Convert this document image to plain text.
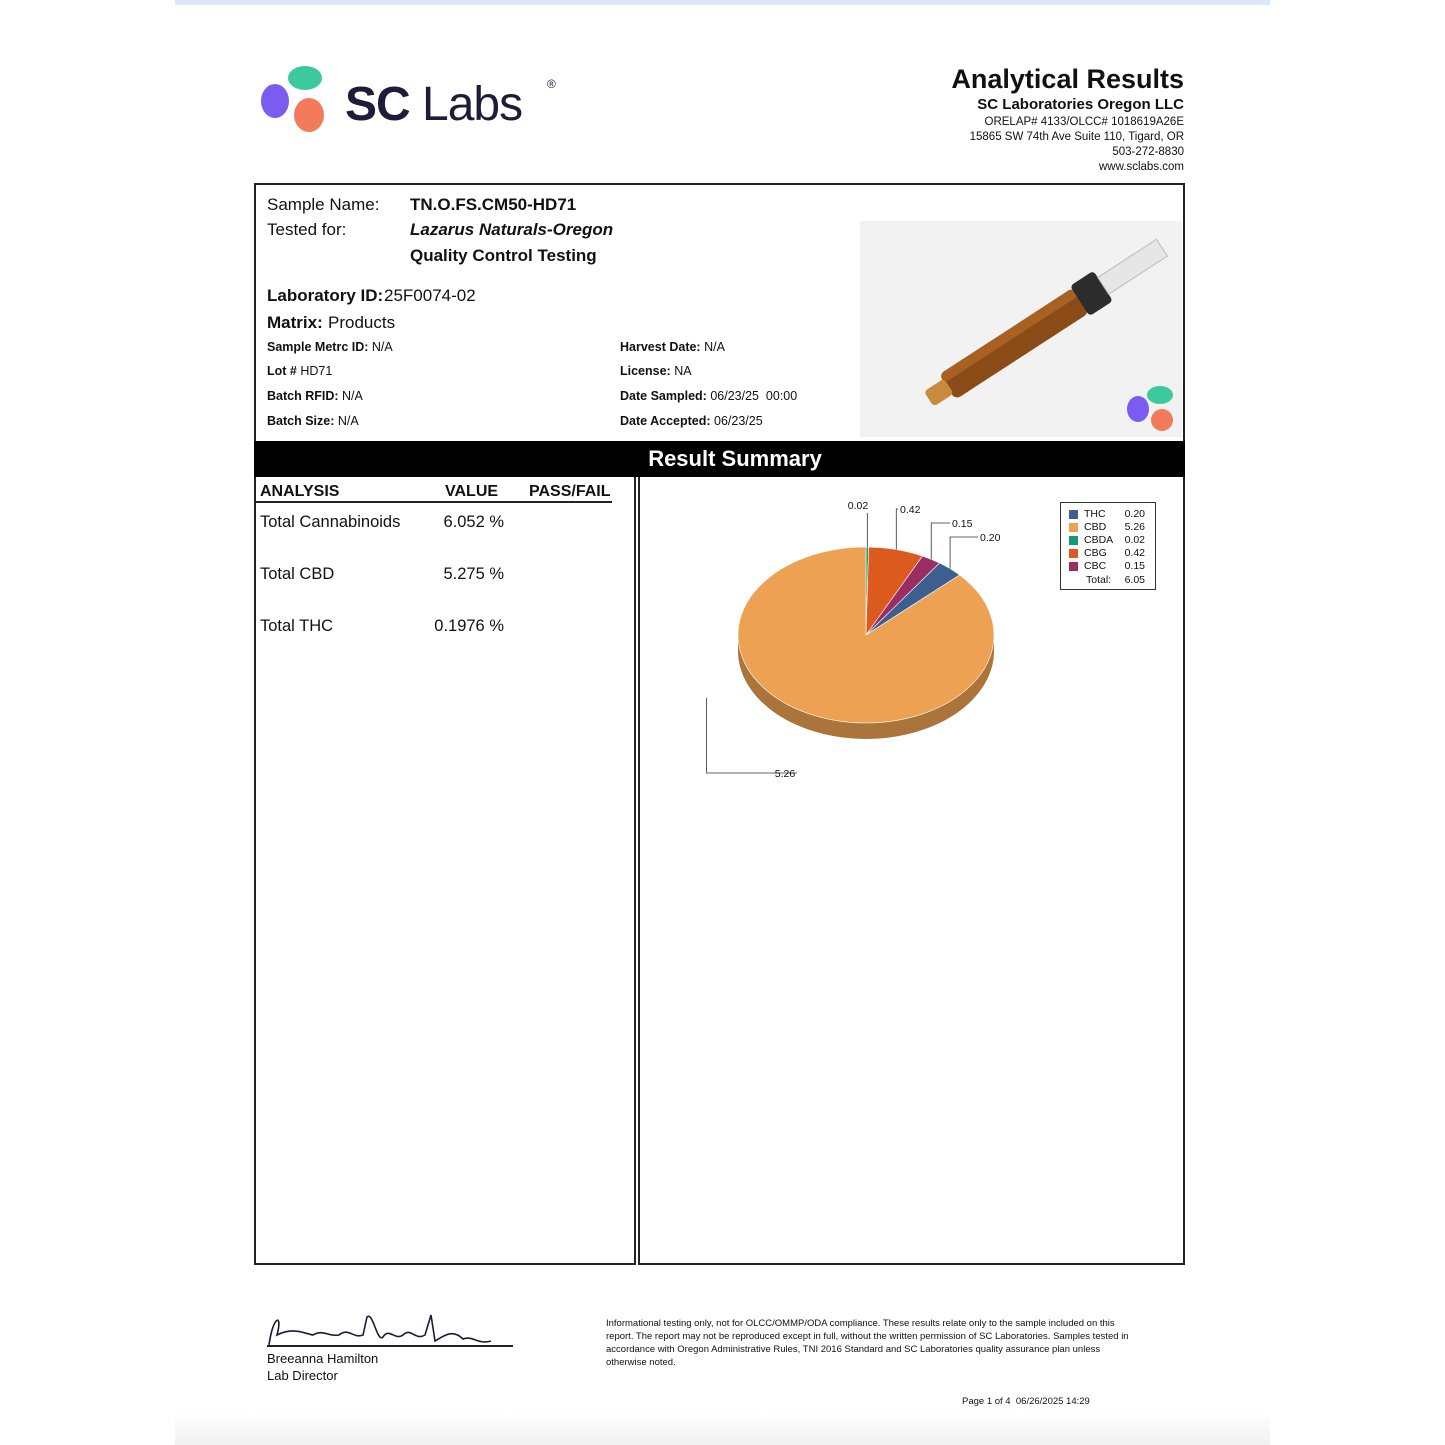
SC Labs ®	Analytical Results
SC Laboratories Oregon LLC
ORELAP# 4133/OLCC# 1018619A26E
15865 SW 74th Ave Suite 110, Tigard, OR
503-272-8830
www.sclabs.com
Sample Name: TN.O.FS.CM50-HD71
Tested for:	Lazarus Naturals-Oregon
Quality Control Testing
Laboratory ID: 25F0074-02
Matrix: Products
Sample Metrc ID: N/A
Lot # HD71
Batch RFID: N/A
Batch Size: N/A
Harvest Date: N/A
License: NA
Date Sampled: 06/23/25  00:00
Date Accepted: 06/23/25
Result Summary
ANALYSIS	VALUE PASS/FAIL
Total Cannabinoids	6.052 %
Total CBD	5.275 %
Total THC	0.1976 %
0.02	0.42
0.15
0.20
5.26
THC 0.20
CBD 5.26
CBDA 0.02
CBG 0.42
CBC 0.15
Total: 6.05
Breeanna Hamilton
Lab Director
Informational testing only, not for OLCC/OMMP/ODA compliance. These results relate only to the sample included on this report. The report may not be reproduced except in full, without the written permission of SC Laboratories. Samples tested in accordance with Oregon Administrative Rules, TNI 2016 Standard and SC Laboratories quality assurance plan unless otherwise noted.
Page 1 of 4  06/26/2025 14:29
